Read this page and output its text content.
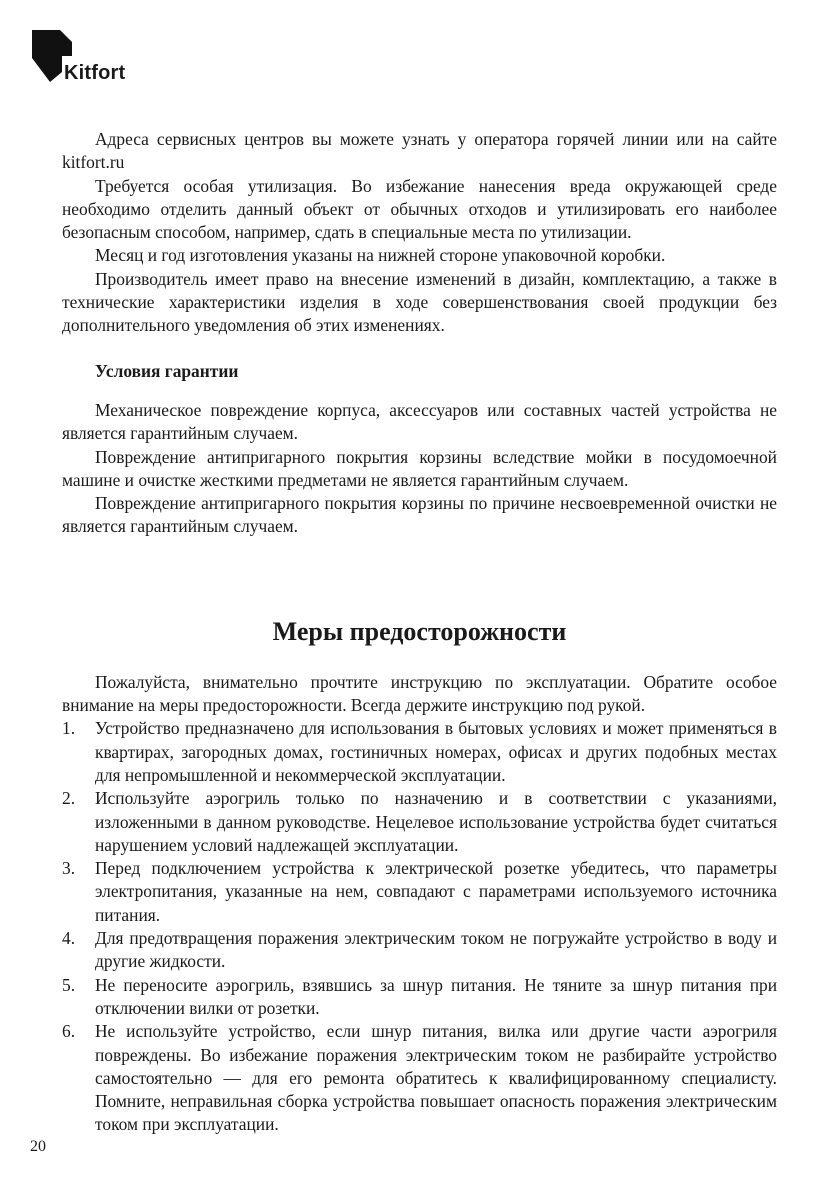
Kitfort

Адреса сервисных центров вы можете узнать у оператора горячей линии или на сайте kitfort.ru

Требуется особая утилизация. Во избежание нанесения вреда окружающей среде необходимо отделить данный объект от обычных отходов и утилизировать его наиболее безопасным способом, например, сдать в специальные места по утилизации.

Месяц и год изготовления указаны на нижней стороне упаковочной коробки.

Производитель имеет право на внесение изменений в дизайн, комплектацию, а также в технические характеристики изделия в ходе совершенствования своей продукции без дополнительного уведомления об этих изменениях.

Условия гарантии

Механическое повреждение корпуса, аксессуаров или составных частей устройства не является гарантийным случаем.

Повреждение антипригарного покрытия корзины вследствие мойки в посудомоечной машине и очистке жесткими предметами не является гарантийным случаем.

Повреждение антипригарного покрытия корзины по причине несвоевременной очистки не является гарантийным случаем.

Меры предосторожности

Пожалуйста, внимательно прочтите инструкцию по эксплуатации. Обратите особое внимание на меры предосторожности. Всегда держите инструкцию под рукой.

1. Устройство предназначено для использования в бытовых условиях и может применяться в квартирах, загородных домах, гостиничных номерах, офисах и других подобных местах для непромышленной и некоммерческой эксплуатации.
2. Используйте аэрогриль только по назначению и в соответствии с указаниями, изложенными в данном руководстве. Нецелевое использование устройства будет считаться нарушением условий надлежащей эксплуатации.
3. Перед подключением устройства к электрической розетке убедитесь, что параметры электропитания, указанные на нем, совпадают с параметрами используемого источника питания.
4. Для предотвращения поражения электрическим током не погружайте устройство в воду и другие жидкости.
5. Не переносите аэрогриль, взявшись за шнур питания. Не тяните за шнур питания при отключении вилки от розетки.
6. Не используйте устройство, если шнур питания, вилка или другие части аэрогриля повреждены. Во избежание поражения электрическим током не разбирайте устройство самостоятельно — для его ремонта обратитесь к квалифицированному специалисту. Помните, неправильная сборка устройства повышает опасность поражения электрическим током при эксплуатации.
20
